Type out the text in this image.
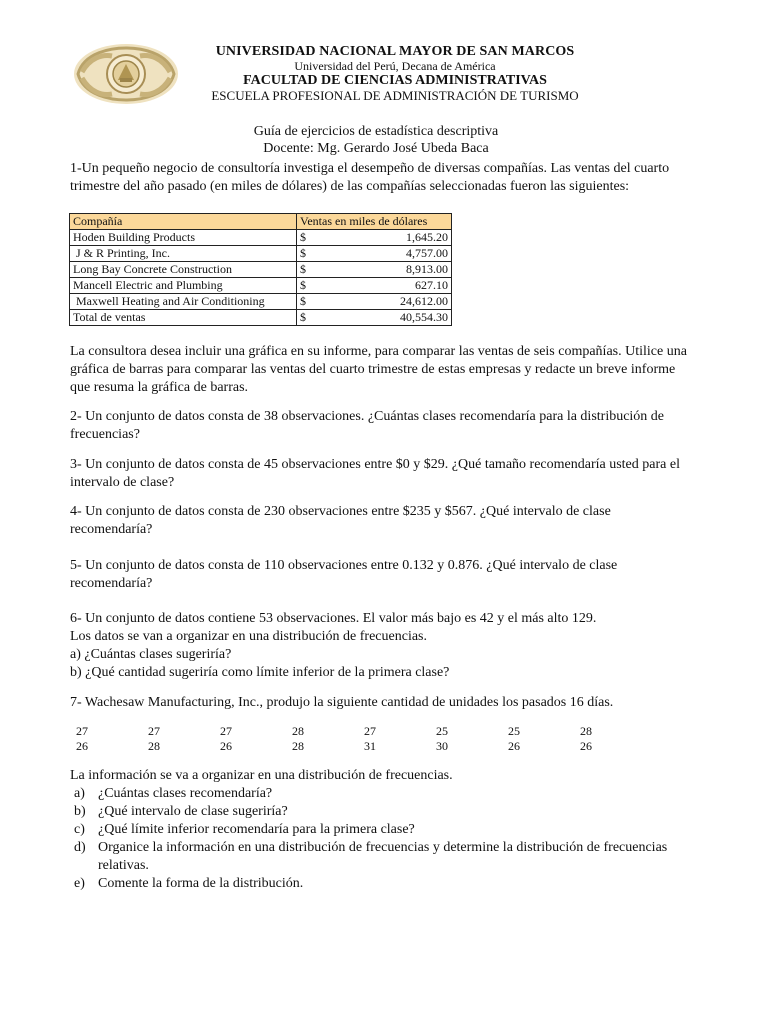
UNIVERSIDAD NACIONAL MAYOR DE SAN MARCOS
Universidad del Perú, Decana de América
FACULTAD DE CIENCIAS ADMINISTRATIVAS
ESCUELA PROFESIONAL DE ADMINISTRACIÓN DE TURISMO
Guía de ejercicios de estadística descriptiva
Docente: Mg. Gerardo José Ubeda Baca

1-Un pequeño negocio de consultoría investiga el desempeño de diversas compañías. Las ventas del cuarto trimestre del año pasado (en miles de dólares) de las compañías seleccionadas fueron las siguientes:

Compañía	Ventas en miles de dólares
Hoden Building Products	$ 1,645.20

J & R Printing, Inc.	$ 4,757.00

Long Bay Concrete Construction	$ 8,913.00

Mancell Electric and Plumbing	$ 627.10

Maxwell Heating and Air Conditioning	$ 24,612.00

Total de ventas	$ 40,554.30

La consultora desea incluir una gráfica en su informe, para comparar las ventas de seis compañías. Utilice una gráfica de barras para comparar las ventas del cuarto trimestre de estas empresas y redacte un breve informe que resuma la gráfica de barras.

2- Un conjunto de datos consta de 38 observaciones. ¿Cuántas clases recomendaría para la distribución de frecuencias?

3- Un conjunto de datos consta de 45 observaciones entre $0 y $29. ¿Qué tamaño recomendaría usted para el intervalo de clase?

4- Un conjunto de datos consta de 230 observaciones entre $235 y $567. ¿Qué intervalo de clase recomendaría?

5- Un conjunto de datos consta de 110 observaciones entre 0.132 y 0.876. ¿Qué intervalo de clase recomendaría?

6- Un conjunto de datos contiene 53 observaciones. El valor más bajo es 42 y el más alto 129.

Los datos se van a organizar en una distribución de frecuencias.

a) ¿Cuántas clases sugeriría?

b) ¿Qué cantidad sugeriría como límite inferior de la primera clase?

7- Wachesaw Manufacturing, Inc., produjo la siguiente cantidad de unidades los pasados 16 días.

27	27	27	28	27	25	25	28
26	28	26	28	31	30	26	26

La información se va a organizar en una distribución de frecuencias.

a) ¿Cuántas clases recomendaría?
b) ¿Qué intervalo de clase sugeriría?
c) ¿Qué límite inferior recomendaría para la primera clase?
d) Organice la información en una distribución de frecuencias y determine la distribución de frecuencias relativas.
e) Comente la forma de la distribución.
